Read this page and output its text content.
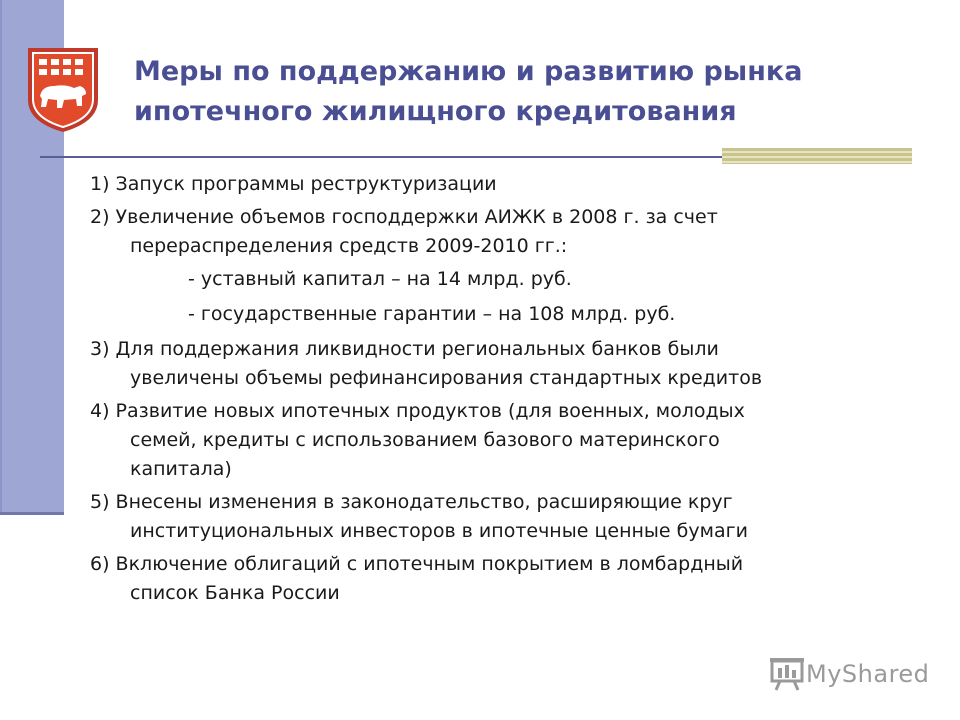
Меры по поддержанию и развитию рынка
ипотечного жилищного кредитования
1) Запуск программы реструктуризации
2) Увеличение объемов господдержки АИЖК в 2008 г. за счет
перераспределения средств 2009-2010 гг.:
- уставный капитал – на 14 млрд. руб.
- государственные гарантии – на 108 млрд. руб.
3) Для поддержания ликвидности региональных банков были
увеличены объемы рефинансирования стандартных кредитов
4) Развитие новых ипотечных продуктов (для военных, молодых
семей, кредиты с использованием базового материнского
капитала)
5) Внесены изменения в законодательство, расширяющие круг
институциональных инвесторов в ипотечные ценные бумаги
6) Включение облигаций с ипотечным покрытием в ломбардный
список Банка России
MyShared
